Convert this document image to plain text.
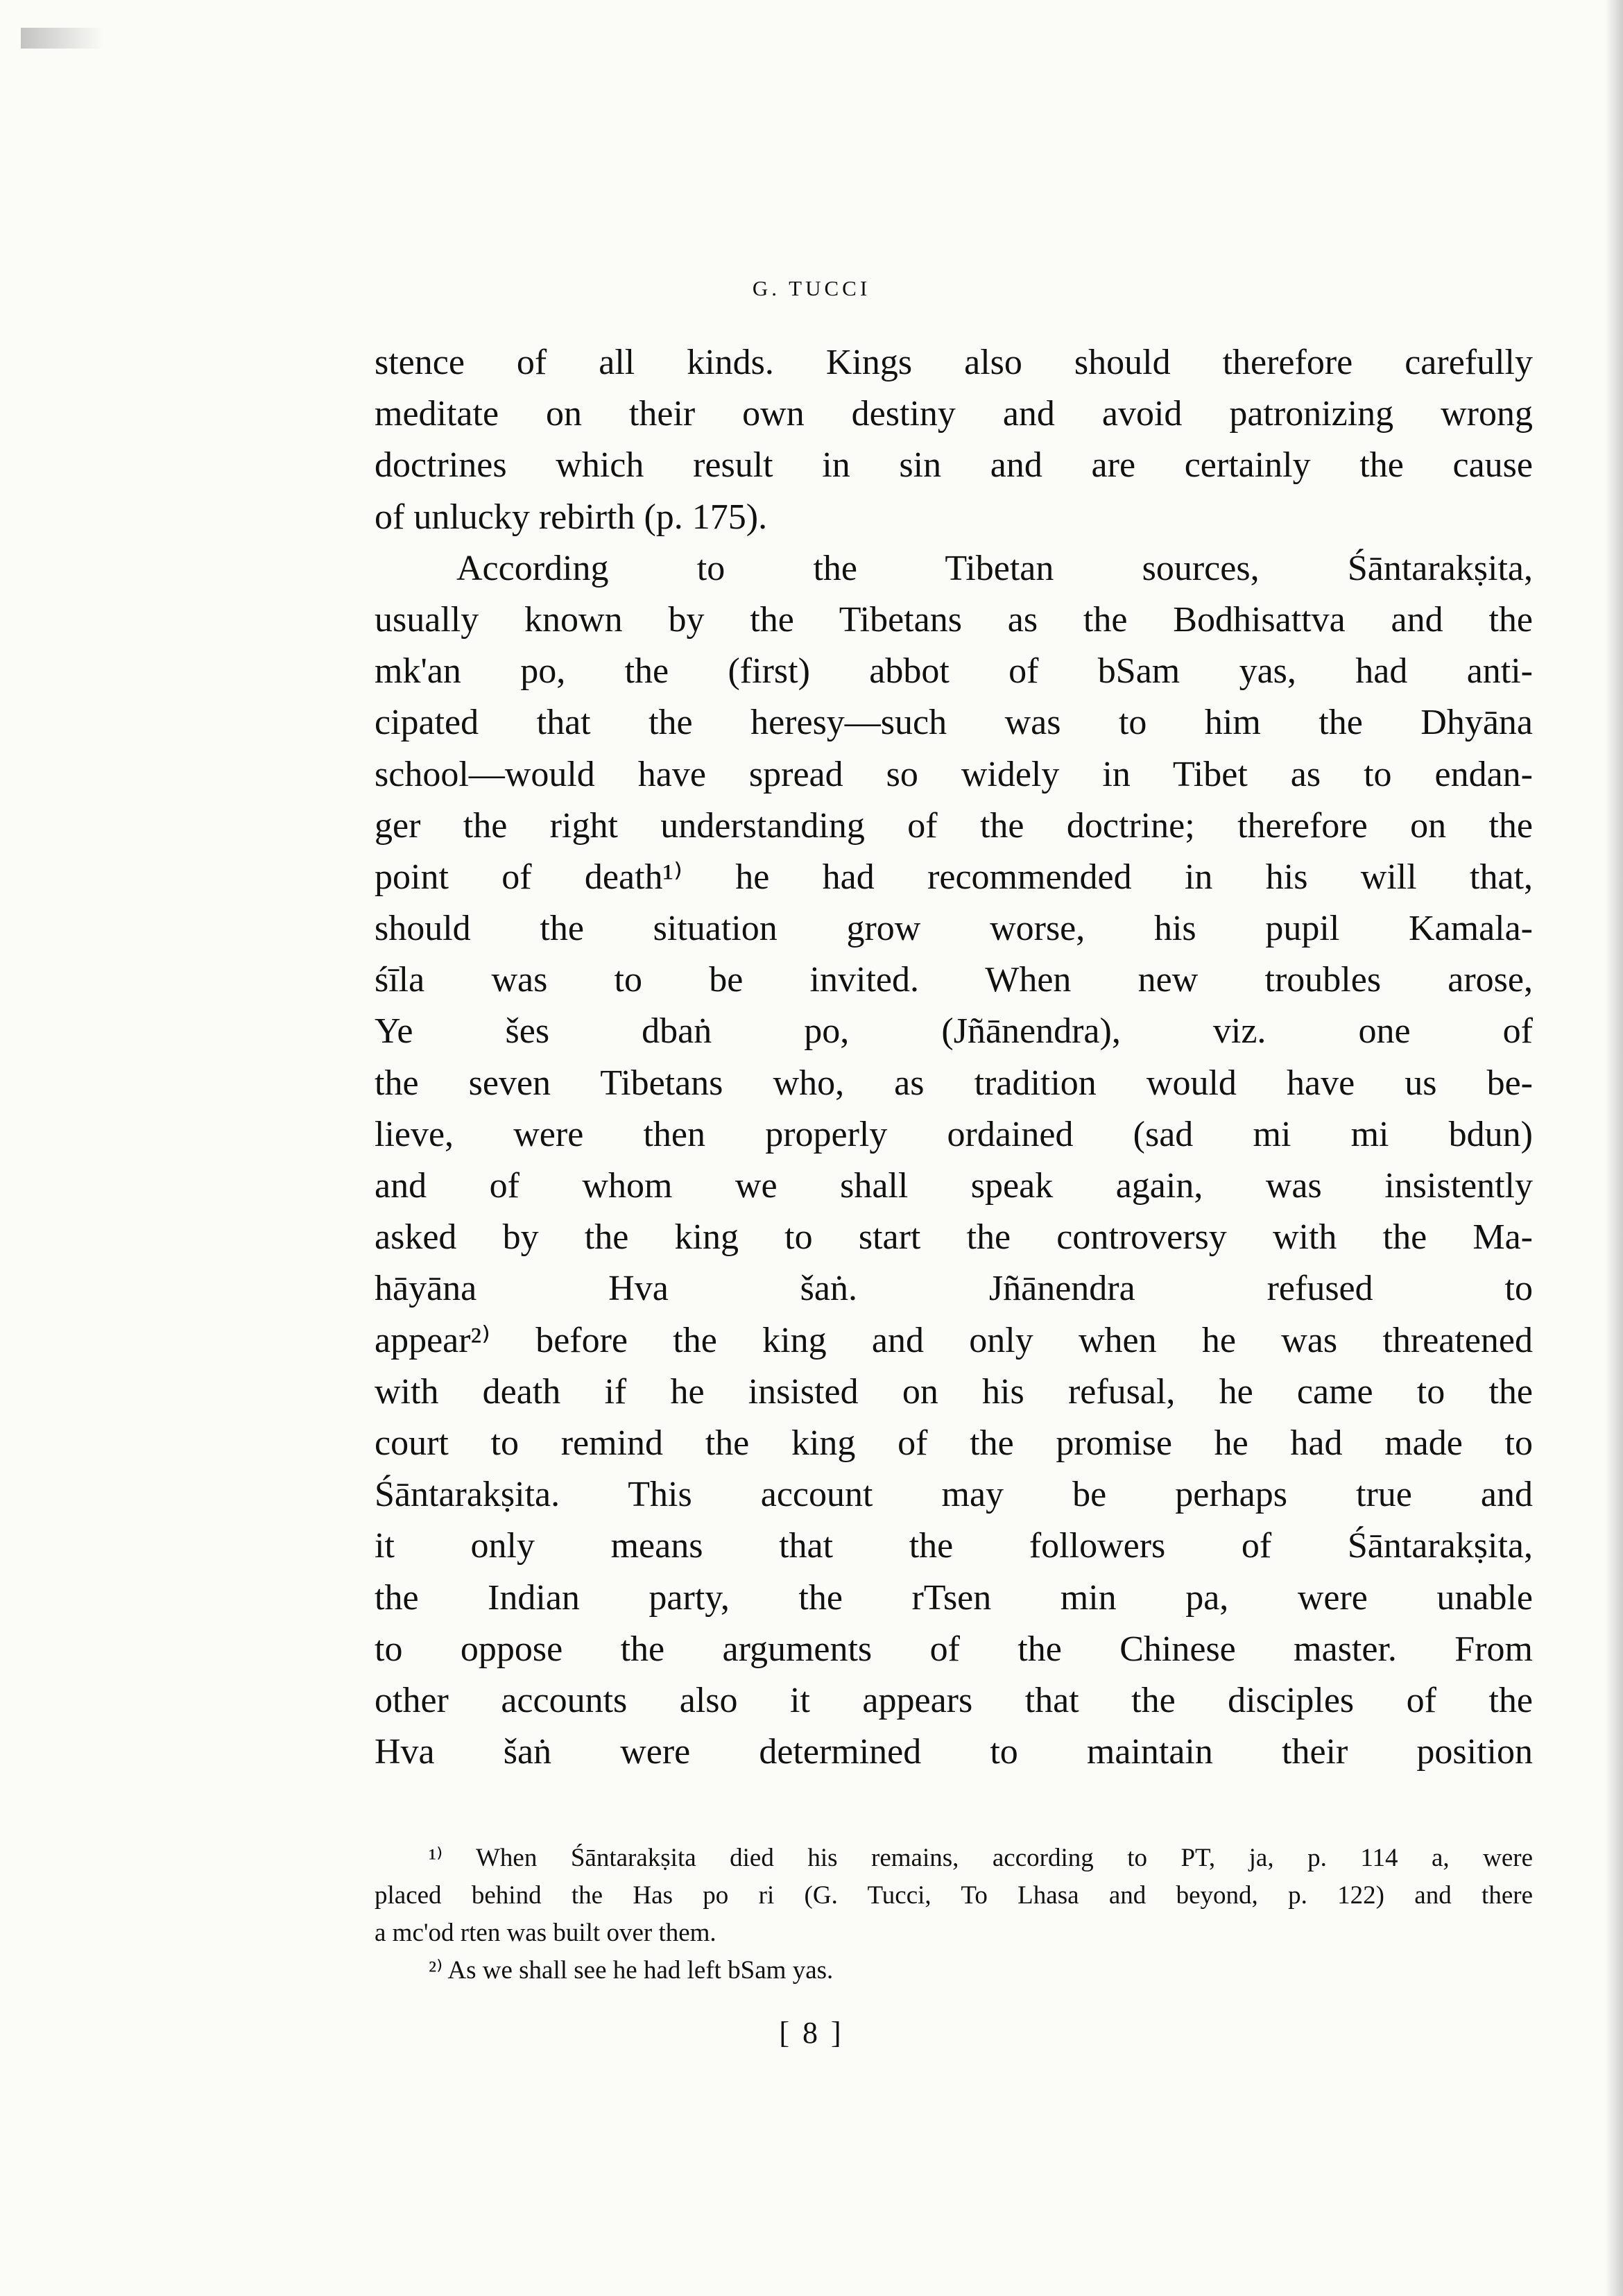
G. TUCCI
stence of all kinds. Kings also should therefore carefully
meditate on their own destiny and avoid patronizing wrong
doctrines which result in sin and are certainly the cause
of unlucky rebirth (p. 175).
According to the Tibetan sources, Śāntarakṣita,
usually known by the Tibetans as the Bodhisattva and the
mk'an po, the (first) abbot of bSam yas, had anti-
cipated that the heresy—such was to him the Dhyāna
school—would have spread so widely in Tibet as to endan-
ger the right understanding of the doctrine; therefore on the
point of death¹⁾ he had recommended in his will that,
should the situation grow worse, his pupil Kamala-
śīla was to be invited. When new troubles arose,
Ye šes dbaṅ po, (Jñānendra), viz. one of
the seven Tibetans who, as tradition would have us be-
lieve, were then properly ordained (sad mi mi bdun)
and of whom we shall speak again, was insistently
asked by the king to start the controversy with the Ma-
hāyāna Hva šaṅ. Jñānendra refused to
appear²⁾ before the king and only when he was threatened
with death if he insisted on his refusal, he came to the
court to remind the king of the promise he had made to
Śāntarakṣita. This account may be perhaps true and
it only means that the followers of Śāntarakṣita,
the Indian party, the rTsen min pa, were unable
to oppose the arguments of the Chinese master. From
other accounts also it appears that the disciples of the
Hva šaṅ were determined to maintain their position
¹⁾ When Śāntarakṣita died his remains, according to PT, ja, p. 114 a, were
placed behind the Has po ri (G. Tucci, To Lhasa and beyond, p. 122) and there
a mc'od rten was built over them.
²⁾ As we shall see he had left bSam yas.
[ 8 ]
